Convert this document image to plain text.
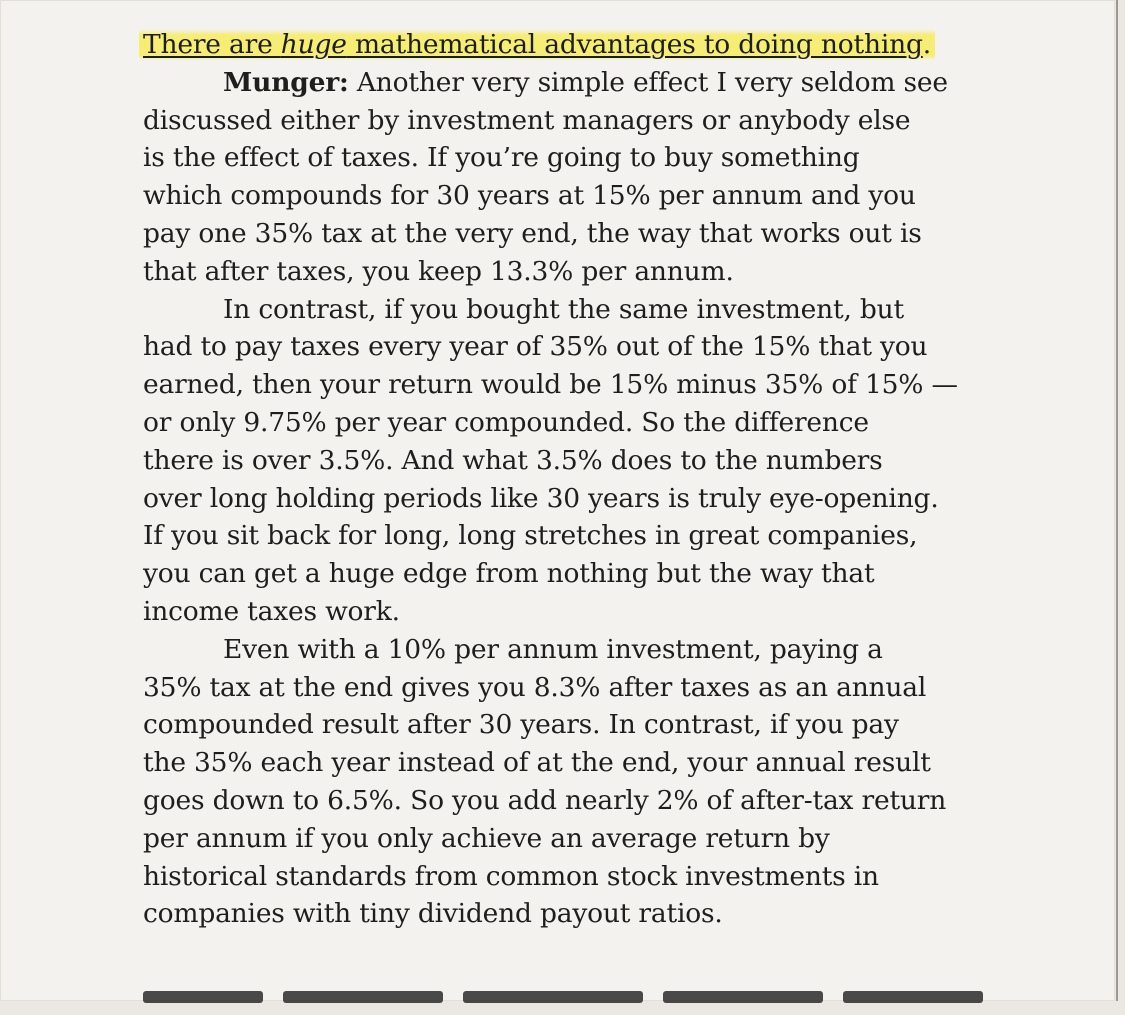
There are huge mathematical advantages to doing nothing.
Munger: Another very simple effect I very seldom see
discussed either by investment managers or anybody else
is the effect of taxes. If you’re going to buy something
which compounds for 30 years at 15% per annum and you
pay one 35% tax at the very end, the way that works out is
that after taxes, you keep 13.3% per annum.
In contrast, if you bought the same investment, but
had to pay taxes every year of 35% out of the 15% that you
earned, then your return would be 15% minus 35% of 15% —
or only 9.75% per year compounded. So the difference
there is over 3.5%. And what 3.5% does to the numbers
over long holding periods like 30 years is truly eye-opening.
If you sit back for long, long stretches in great companies,
you can get a huge edge from nothing but the way that
income taxes work.
Even with a 10% per annum investment, paying a
35% tax at the end gives you 8.3% after taxes as an annual
compounded result after 30 years. In contrast, if you pay
the 35% each year instead of at the end, your annual result
goes down to 6.5%. So you add nearly 2% of after-tax return
per annum if you only achieve an average return by
historical standards from common stock investments in
companies with tiny dividend payout ratios.
